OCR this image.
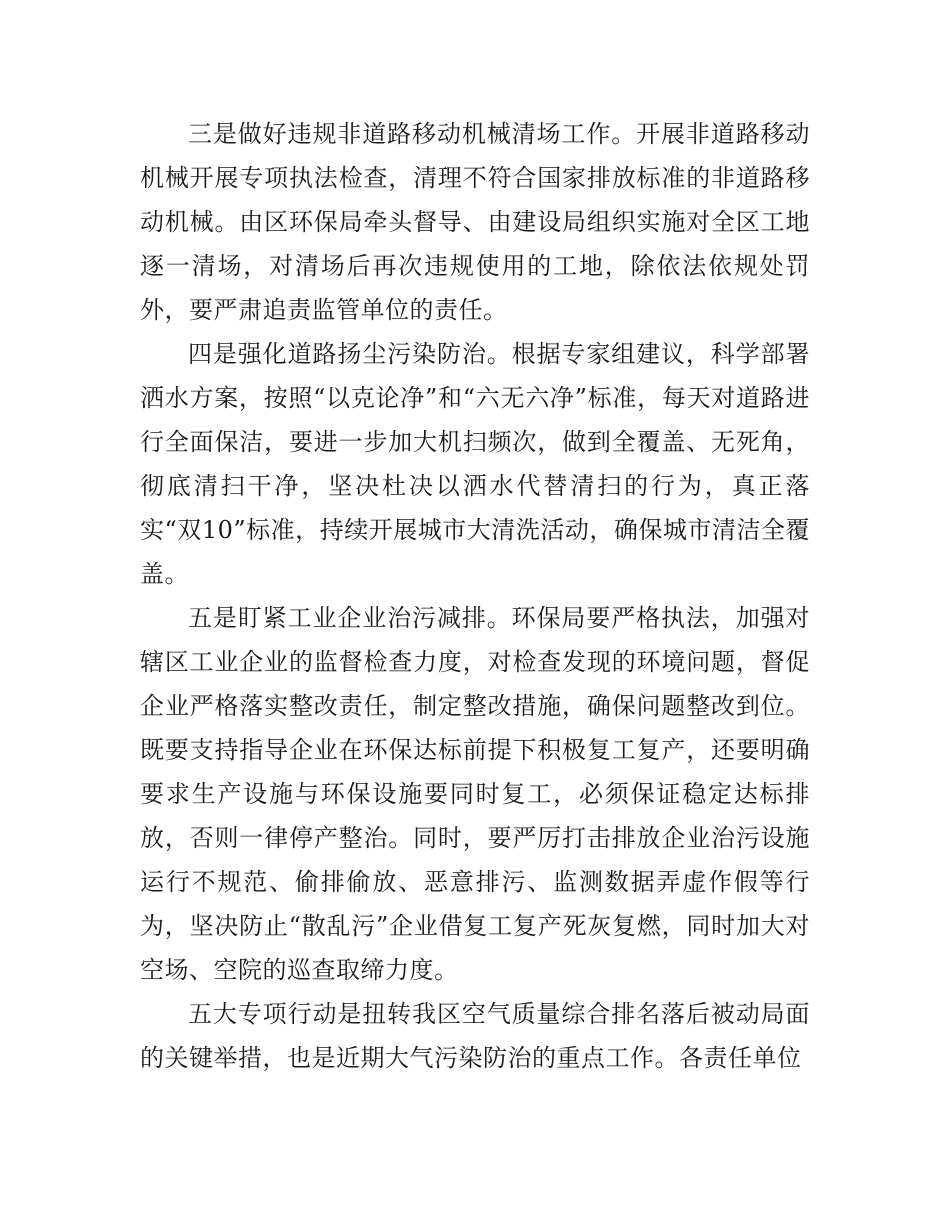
三是做好违规非道路移动机械清场工作。开展非道路移动机械开展专项执法检查，清理不符合国家排放标准的非道路移动机械。由区环保局牵头督导、由建设局组织实施对全区工地逐一清场，对清场后再次违规使用的工地，除依法依规处罚外，要严肃追责监管单位的责任。

四是强化道路扬尘污染防治。根据专家组建议，科学部署洒水方案，按照“以克论净”和“六无六净”标准，每天对道路进行全面保洁，要进一步加大机扫频次，做到全覆盖、无死角，彻底清扫干净，坚决杜决以洒水代替清扫的行为，真正落实“双10”标准，持续开展城市大清洗活动，确保城市清洁全覆盖。

五是盯紧工业企业治污减排。环保局要严格执法，加强对辖区工业企业的监督检查力度，对检查发现的环境问题，督促企业严格落实整改责任，制定整改措施，确保问题整改到位。既要支持指导企业在环保达标前提下积极复工复产，还要明确要求生产设施与环保设施要同时复工，必须保证稳定达标排放，否则一律停产整治。同时，要严厉打击排放企业治污设施运行不规范、偷排偷放、恶意排污、监测数据弄虚作假等行为，坚决防止“散乱污”企业借复工复产死灰复燃，同时加大对空场、空院的巡查取缔力度。

五大专项行动是扭转我区空气质量综合排名落后被动局面的关键举措，也是近期大气污染防治的重点工作。各责任单位
